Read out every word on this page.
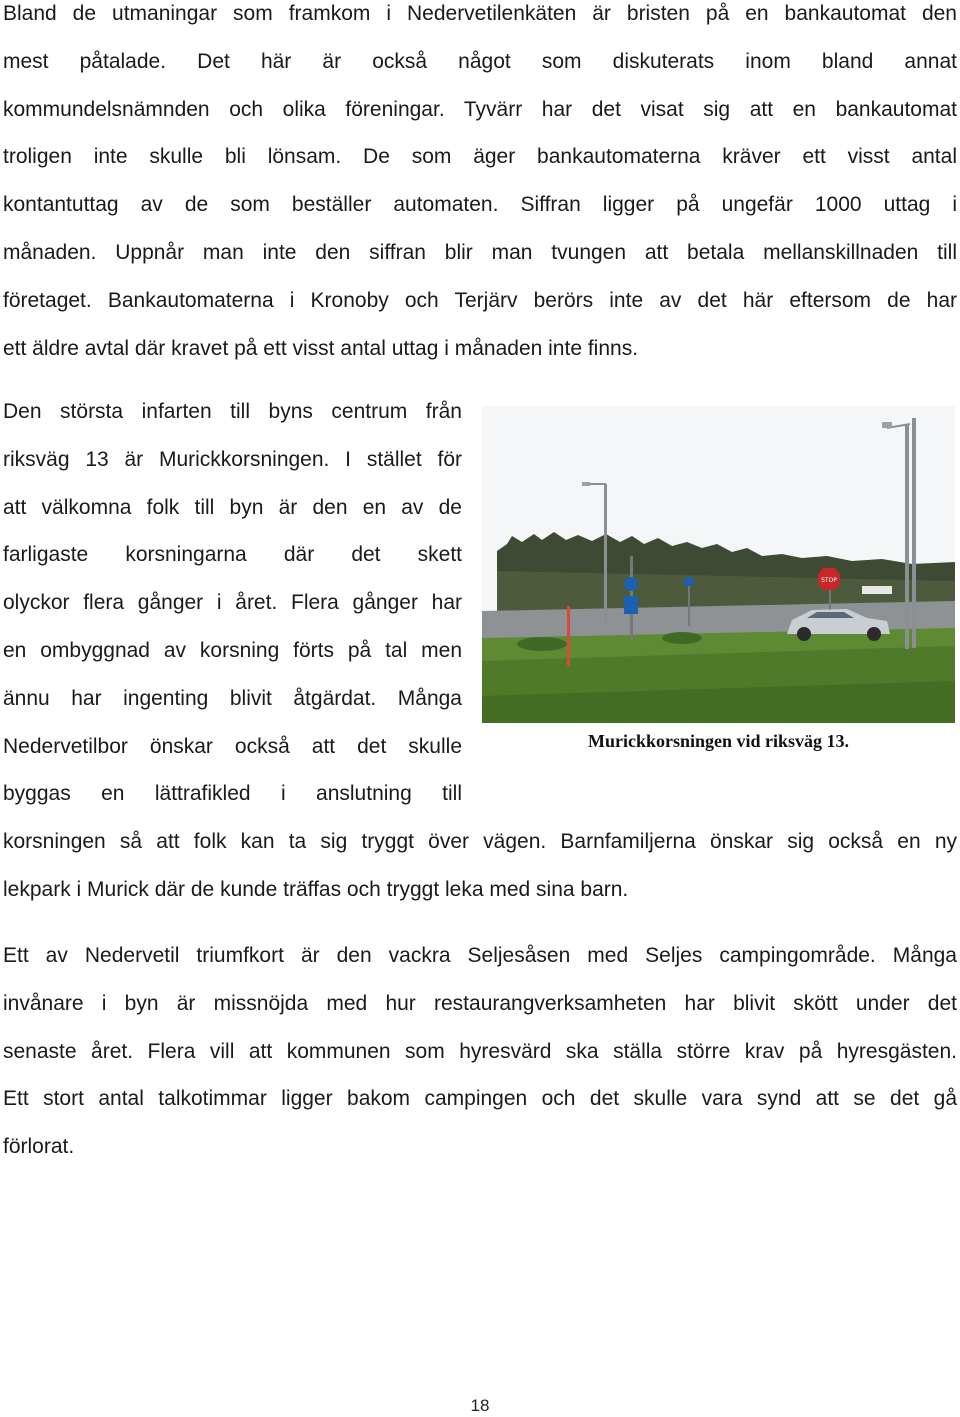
Bland de utmaningar som framkom i Nedervetilenkäten är bristen på en bankautomat den
mest påtalade. Det här är också något som diskuterats inom bland annat
kommundelsnämnden och olika föreningar. Tyvärr har det visat sig att en bankautomat
troligen inte skulle bli lönsam. De som äger bankautomaterna kräver ett visst antal
kontantuttag av de som beställer automaten. Siffran ligger på ungefär 1000 uttag i
månaden. Uppnår man inte den siffran blir man tvungen att betala mellanskillnaden till
företaget. Bankautomaterna i Kronoby och Terjärv berörs inte av det här eftersom de har
ett äldre avtal där kravet på ett visst antal uttag i månaden inte finns.
Den största infarten till byns centrum från
riksväg 13 är Murickkorsningen. I stället för
att välkomna folk till byn är den en av de
farligaste korsningarna där det skett
olyckor flera gånger i året. Flera gånger har
en ombyggnad av korsning förts på tal men
ännu har ingenting blivit åtgärdat. Många
Nedervetilbor önskar också att det skulle
byggas en lättrafikled i anslutning till
STOP
Murickkorsningen vid riksväg 13.
korsningen så att folk kan ta sig tryggt över vägen. Barnfamiljerna önskar sig också en ny
lekpark i Murick där de kunde träffas och tryggt leka med sina barn.
Ett av Nedervetil triumfkort är den vackra Seljesåsen med Seljes campingområde. Många
invånare i byn är missnöjda med hur restaurangverksamheten har blivit skött under det
senaste året. Flera vill att kommunen som hyresvärd ska ställa större krav på hyresgästen.
Ett stort antal talkotimmar ligger bakom campingen och det skulle vara synd att se det gå
förlorat.
18
